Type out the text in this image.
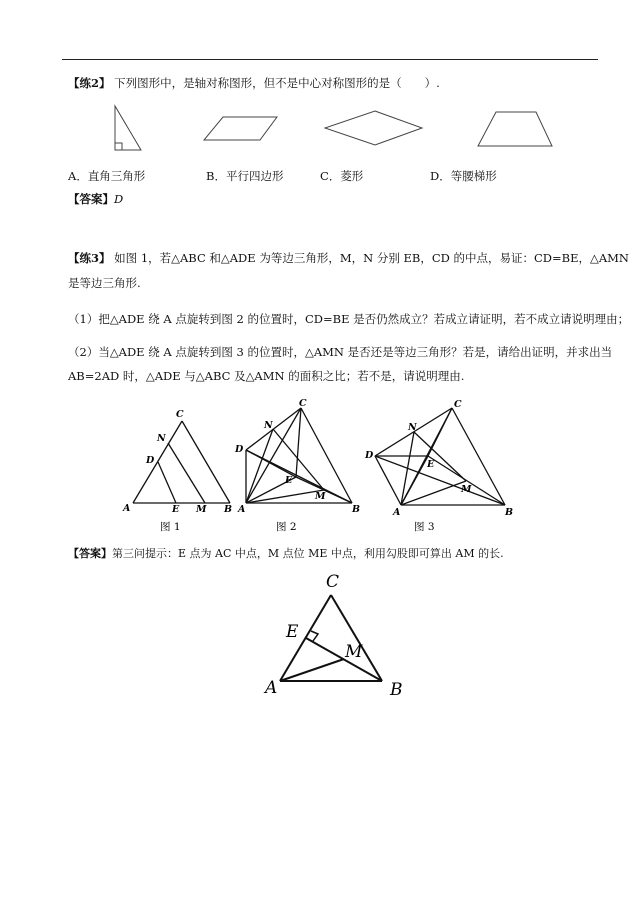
【练2】 下列图形中，是轴对称图形，但不是中心对称图形的是（　　）.
A．直角三角形	B．平行四边形	C．菱形	D．等腰梯形
【答案】D
【练3】 如图 1，若△ABC 和△ADE 为等边三角形，M，N 分别 EB，CD 的中点，易证：CD=BE，△AMN
是等边三角形.
（1）把△ADE 绕 A 点旋转到图 2 的位置时，CD=BE 是否仍然成立？若成立请证明，若不成立请说明理由；
（2）当△ADE 绕 A 点旋转到图 3 的位置时，△AMN 是否还是等边三角形？若是，请给出证明，并求出当
AB=2AD 时，△ADE 与△ABC 及△AMN 的面积之比；若不是，请说明理由.
A	B
C
D
E M
N
图 1
A	B
C
D
E
M
N
图 2
A	B
C
D
E
M
N
图 3
【答案】第三问提示：E 点为 AC 中点，M 点位 ME 中点，利用勾股即可算出 AM 的长.
C
E
M
A	B
